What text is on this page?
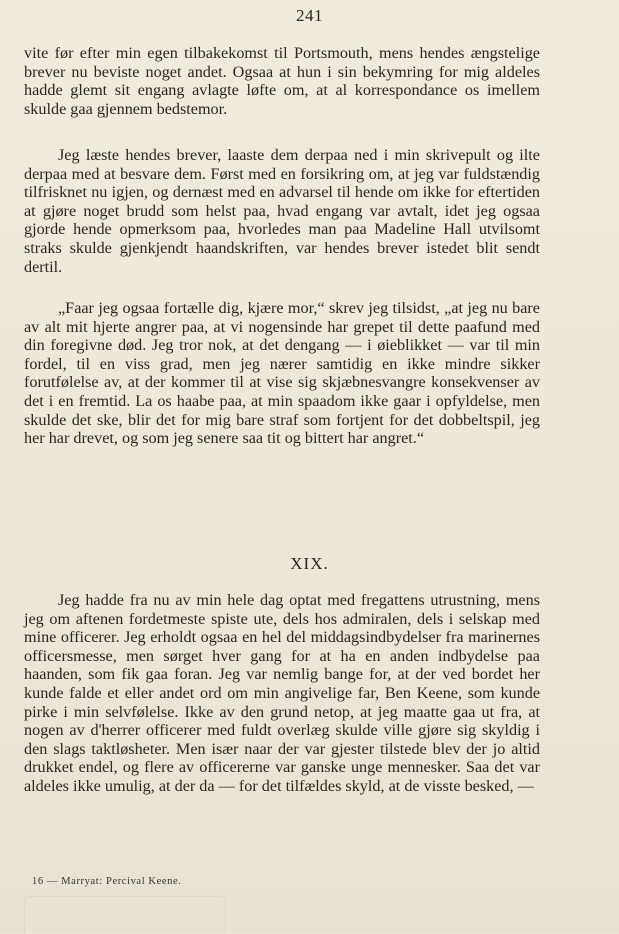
241

vite før efter min egen tilbakekomst til Portsmouth, mens hendes ængstelige brever nu beviste noget andet. Ogsaa at hun i sin bekymring for mig aldeles hadde glemt sit engang avlagte løfte om, at al korrespondance os imellem skulde gaa gjennem bedstemor.

Jeg læste hendes brever, laaste dem derpaa ned i min skrivepult og ilte derpaa med at besvare dem. Først med en forsikring om, at jeg var fuldstændig tilfrisknet nu igjen, og dernæst med en advarsel til hende om ikke for eftertiden at gjøre noget brudd som helst paa, hvad engang var avtalt, idet jeg ogsaa gjorde hende opmerksom paa, hvorledes man paa Madeline Hall utvilsomt straks skulde gjenkjendt haandskriften, var hendes brever istedet blit sendt dertil.

„Faar jeg ogsaa fortælle dig, kjære mor,“ skrev jeg tilsidst, „at jeg nu bare av alt mit hjerte angrer paa, at vi nogensinde har grepet til dette paafund med din foregivne død. Jeg tror nok, at det dengang — i øieblikket — var til min fordel, til en viss grad, men jeg nærer samtidig en ikke mindre sikker forutfølelse av, at der kommer til at vise sig skjæbnesvangre konsekvenser av det i en fremtid. La os haabe paa, at min spaadom ikke gaar i opfyldelse, men skulde det ske, blir det for mig bare straf som fortjent for det dobbeltspil, jeg her har drevet, og som jeg senere saa tit og bittert har angret.“

XIX.

Jeg hadde fra nu av min hele dag optat med fregattens utrustning, mens jeg om aftenen fordetmeste spiste ute, dels hos admiralen, dels i selskap med mine officerer. Jeg erholdt ogsaa en hel del middagsindbydelser fra marinernes officersmesse, men sørget hver gang for at ha en anden indbydelse paa haanden, som fik gaa foran. Jeg var nemlig bange for, at der ved bordet her kunde falde et eller andet ord om min angivelige far, Ben Keene, som kunde pirke i min selvfølelse. Ikke av den grund netop, at jeg maatte gaa ut fra, at nogen av d'herrer officerer med fuldt overlæg skulde ville gjøre sig skyldig i den slags taktløsheter. Men især naar der var gjester tilstede blev der jo altid drukket endel, og flere av officererne var ganske unge mennesker. Saa det var aldeles ikke umulig, at der da — for det tilfældes skyld, at de visste besked, —

16 — Marryat: Percival Keene.
